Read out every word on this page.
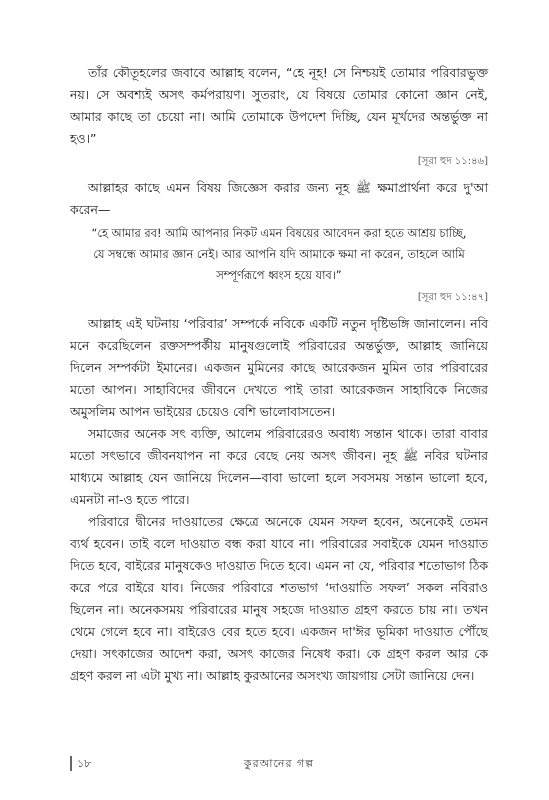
তাঁর কৌতূহলের জবাবে আল্লাহ বলেন, “হে নূহ! সে নিশ্চয়ই তোমার পরিবারভুক্ত নয়। সে অবশ্যই অসৎ কর্মপরায়ণ। সুতরাং, যে বিষয়ে তোমার কোনো জ্ঞান নেই, আমার কাছে তা চেয়ো না। আমি তোমাকে উপদেশ দিচ্ছি, যেন মূর্খদের অন্তর্ভুক্ত না হও।”

[সূরা হুদ ১১:৪৬]

আল্লাহর কাছে এমন বিষয় জিজ্ঞেস করার জন্য নূহ ﷺ ক্ষমাপ্রার্থনা করে দু'আ করেন—

“হে আমার রব! আমি আপনার নিকট এমন বিষয়ের আবেদন করা হতে আশ্রয় চাচ্ছি, যে সম্বন্ধে আমার জ্ঞান নেই। আর আপনি যদি আমাকে ক্ষমা না করেন, তাহলে আমি সম্পূর্ণরূপে ধ্বংস হয়ে যাব।”
[সূরা হুদ ১১:৪৭]

আল্লাহ এই ঘটনায় ‘পরিবার’ সম্পর্কে নবিকে একটি নতুন দৃষ্টিভঙ্গি জানালেন। নবি মনে করেছিলেন রক্তসম্পর্কীয় মানুষগুলোই পরিবারের অন্তর্ভুক্ত, আল্লাহ জানিয়ে দিলেন সম্পর্কটা ইমানের। একজন মুমিনের কাছে আরেকজন মুমিন তার পরিবারের মতো আপন। সাহাবিদের জীবনে দেখতে পাই তারা আরেকজন সাহাবিকে নিজের অমুসলিম আপন ভাইয়ের চেয়েও বেশি ভালোবাসতেন।

সমাজের অনেক সৎ ব্যক্তি, আলেম পরিবারেরও অবাধ্য সন্তান থাকে। তারা বাবার মতো সৎভাবে জীবনযাপন না করে বেছে নেয় অসৎ জীবন। নূহ ﷺ নবির ঘটনার মাধ্যমে আল্লাহ যেন জানিয়ে দিলেন—বাবা ভালো হলে সবসময় সন্তান ভালো হবে, এমনটা না-ও হতে পারে।

পরিবারে দ্বীনের দাওয়াতের ক্ষেত্রে অনেকে যেমন সফল হবেন, অনেকেই তেমন ব্যর্থ হবেন। তাই বলে দাওয়াত বন্ধ করা যাবে না। পরিবারের সবাইকে যেমন দাওয়াত দিতে হবে, বাইরের মানুষকেও দাওয়াত দিতে হবে। এমন না যে, পরিবার শতোভাগ ঠিক করে পরে বাইরে যাব। নিজের পরিবারে শতভাগ ‘দাওয়াতি সফল’ সকল নবিরাও ছিলেন না। অনেকসময় পরিবারের মানুষ সহজে দাওয়াত গ্রহণ করতে চায় না। তখন থেমে গেলে হবে না। বাইরেও বের হতে হবে। একজন দা'ঈর ভূমিকা দাওয়াত পৌঁছে দেয়া। সৎকাজের আদেশ করা, অসৎ কাজের নিষেধ করা। কে গ্রহণ করল আর কে গ্রহণ করল না এটা মুখ্য না। আল্লাহ কুরআনের অসংখ্য জায়গায় সেটা জানিয়ে দেন।

১৮	কুরআনের গল্প
